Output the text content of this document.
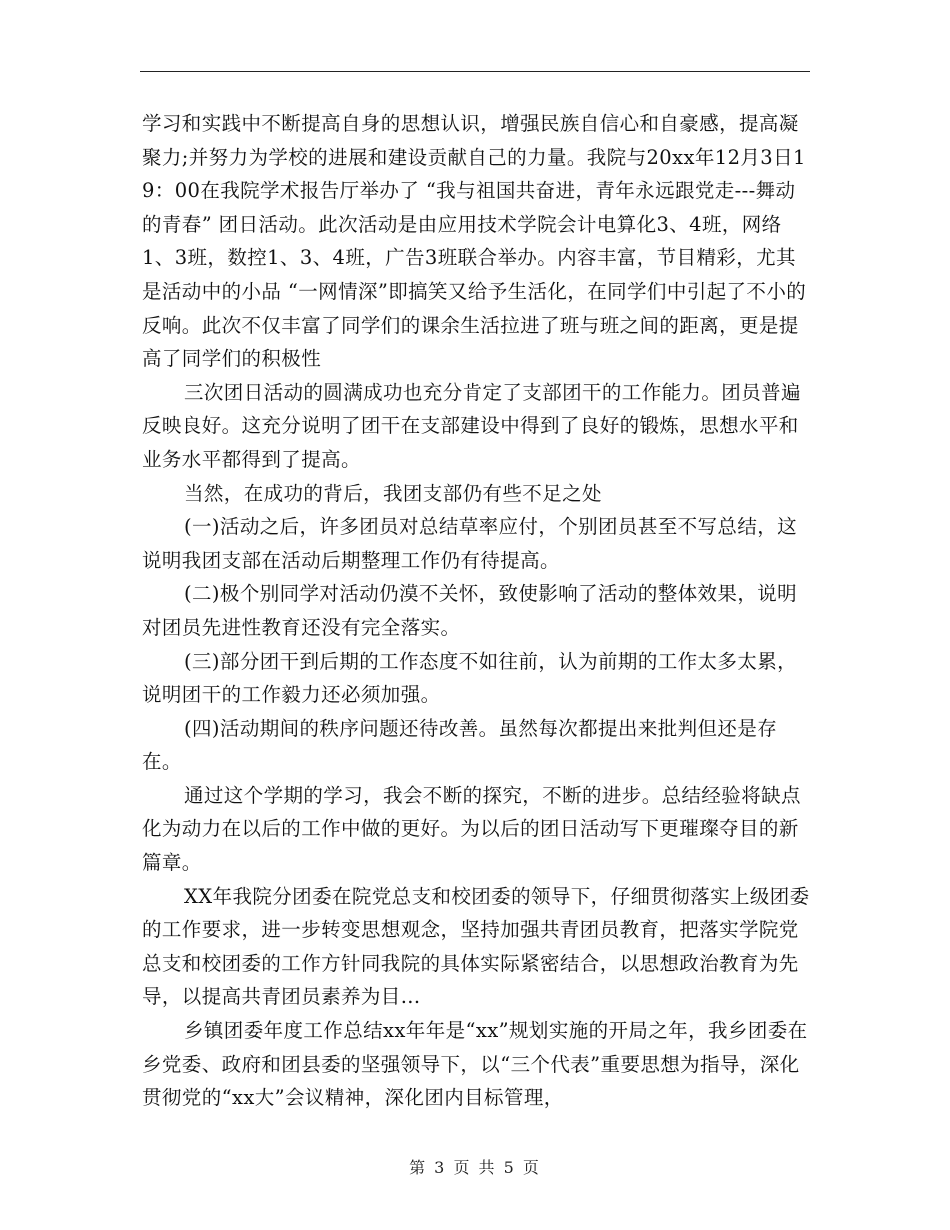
学习和实践中不断提高自身的思想认识，增强民族自信心和自豪感，提高凝聚力;并努力为学校的进展和建设贡献自己的力量。我院与20xx年12月3日19：00在我院学术报告厅举办了 “我与祖国共奋进，青年永远跟党走---舞动的青春” 团日活动。此次活动是由应用技术学院会计电算化3、4班，网络1、3班，数控1、3、4班，广告3班联合举办。内容丰富，节目精彩，尤其是活动中的小品 “一网情深”即搞笑又给予生活化，在同学们中引起了不小的反响。此次不仅丰富了同学们的课余生活拉进了班与班之间的距离，更是提高了同学们的积极性

三次团日活动的圆满成功也充分肯定了支部团干的工作能力。团员普遍反映良好。这充分说明了团干在支部建设中得到了良好的锻炼，思想水平和业务水平都得到了提高。

当然，在成功的背后，我团支部仍有些不足之处

(一)活动之后，许多团员对总结草率应付，个别团员甚至不写总结，这说明我团支部在活动后期整理工作仍有待提高。

(二)极个别同学对活动仍漠不关怀，致使影响了活动的整体效果，说明对团员先进性教育还没有完全落实。

(三)部分团干到后期的工作态度不如往前，认为前期的工作太多太累，说明团干的工作毅力还必须加强。

(四)活动期间的秩序问题还待改善。虽然每次都提出来批判但还是存在。

通过这个学期的学习，我会不断的探究，不断的进步。总结经验将缺点化为动力在以后的工作中做的更好。为以后的团日活动写下更璀璨夺目的新篇章。

XX年我院分团委在院党总支和校团委的领导下，仔细贯彻落实上级团委的工作要求，进一步转变思想观念，坚持加强共青团员教育，把落实学院党总支和校团委的工作方针同我院的具体实际紧密结合，以思想政治教育为先导，以提高共青团员素养为目...

乡镇团委年度工作总结xx年年是“xx”规划实施的开局之年，我乡团委在乡党委、政府和团县委的坚强领导下，以“三个代表”重要思想为指导，深化贯彻党的“xx大”会议精神，深化团内目标管理，

第 3 页 共 5 页
